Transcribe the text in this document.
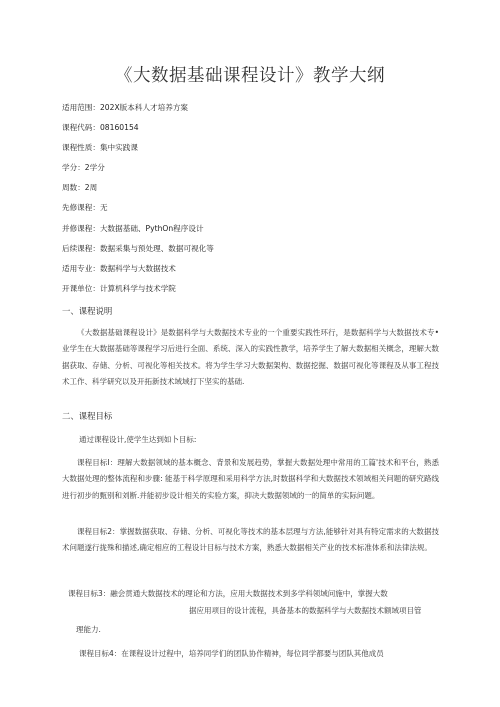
《大数据基础课程设计》教学大纲
适用范围：202X版本科人才培养方案
课程代码：08160154
课程性质：集中实践课
学分：2学分
周数：2周
先修课程：无
并修课程：大数据基础、PythOn程序设计
后续课程：数据采集与预处理、数据可视化等
适用专业：数据科学与大数据技术
开课单位：计算机科学与技术学院
一、课程说明

《大数据基础课程设计》是数据科学与大数据技术专业的一个重要实践性环行，是数据科学与大数据技术专•业学生在大数据基础等课程学习后进行全面、系统、深入的实践性教学，培养学生了解大数据相关概念，理解大数据获取、存储、分析、可视化等相关技术。将为学生学习大数据架构、数据挖掘、数据可视化等课程及从事工程技术工作、科学研究以及开拓新技术域域打下坚实的基础.

二、课程目标
通过课程设计,使学生达到如卜目标:

课程目标I：理解大数据领域的基本概念、背景和发展趋势，掌握大数据处理中常用的工篇'技术和平台，熟悉大数据处理的整体流程和步骤: 能基于科学原理和采用科学方法,时数据科学和大数据技术领域相关问题的研究路线进行初步的甄别和刘断.并能初步设计相关的实验方案，抑决大数据领域的一的简单的实际问题。

课程目标2：掌握数据获取、存储、分析、可视化等技术的基本层理与方法,能够针对具有特定需求的大数据技术问题遂行拢殊和描述,确定相应的工程设计目标与技术方案，熟悉大数据相关产业的技术标准体系和法律法规。

课程目标3：融会贯通大数据技术的理论和方法，应用大数据技术到多学科领域问施中，掌握大数
据应用项目的设计流程，具备基本的数据科学与大数据技术额域项目管
理能力.
课程目标4：在课程设计过程中，培养同学们的团队协作精神，每位同学都要与团队其他成员
